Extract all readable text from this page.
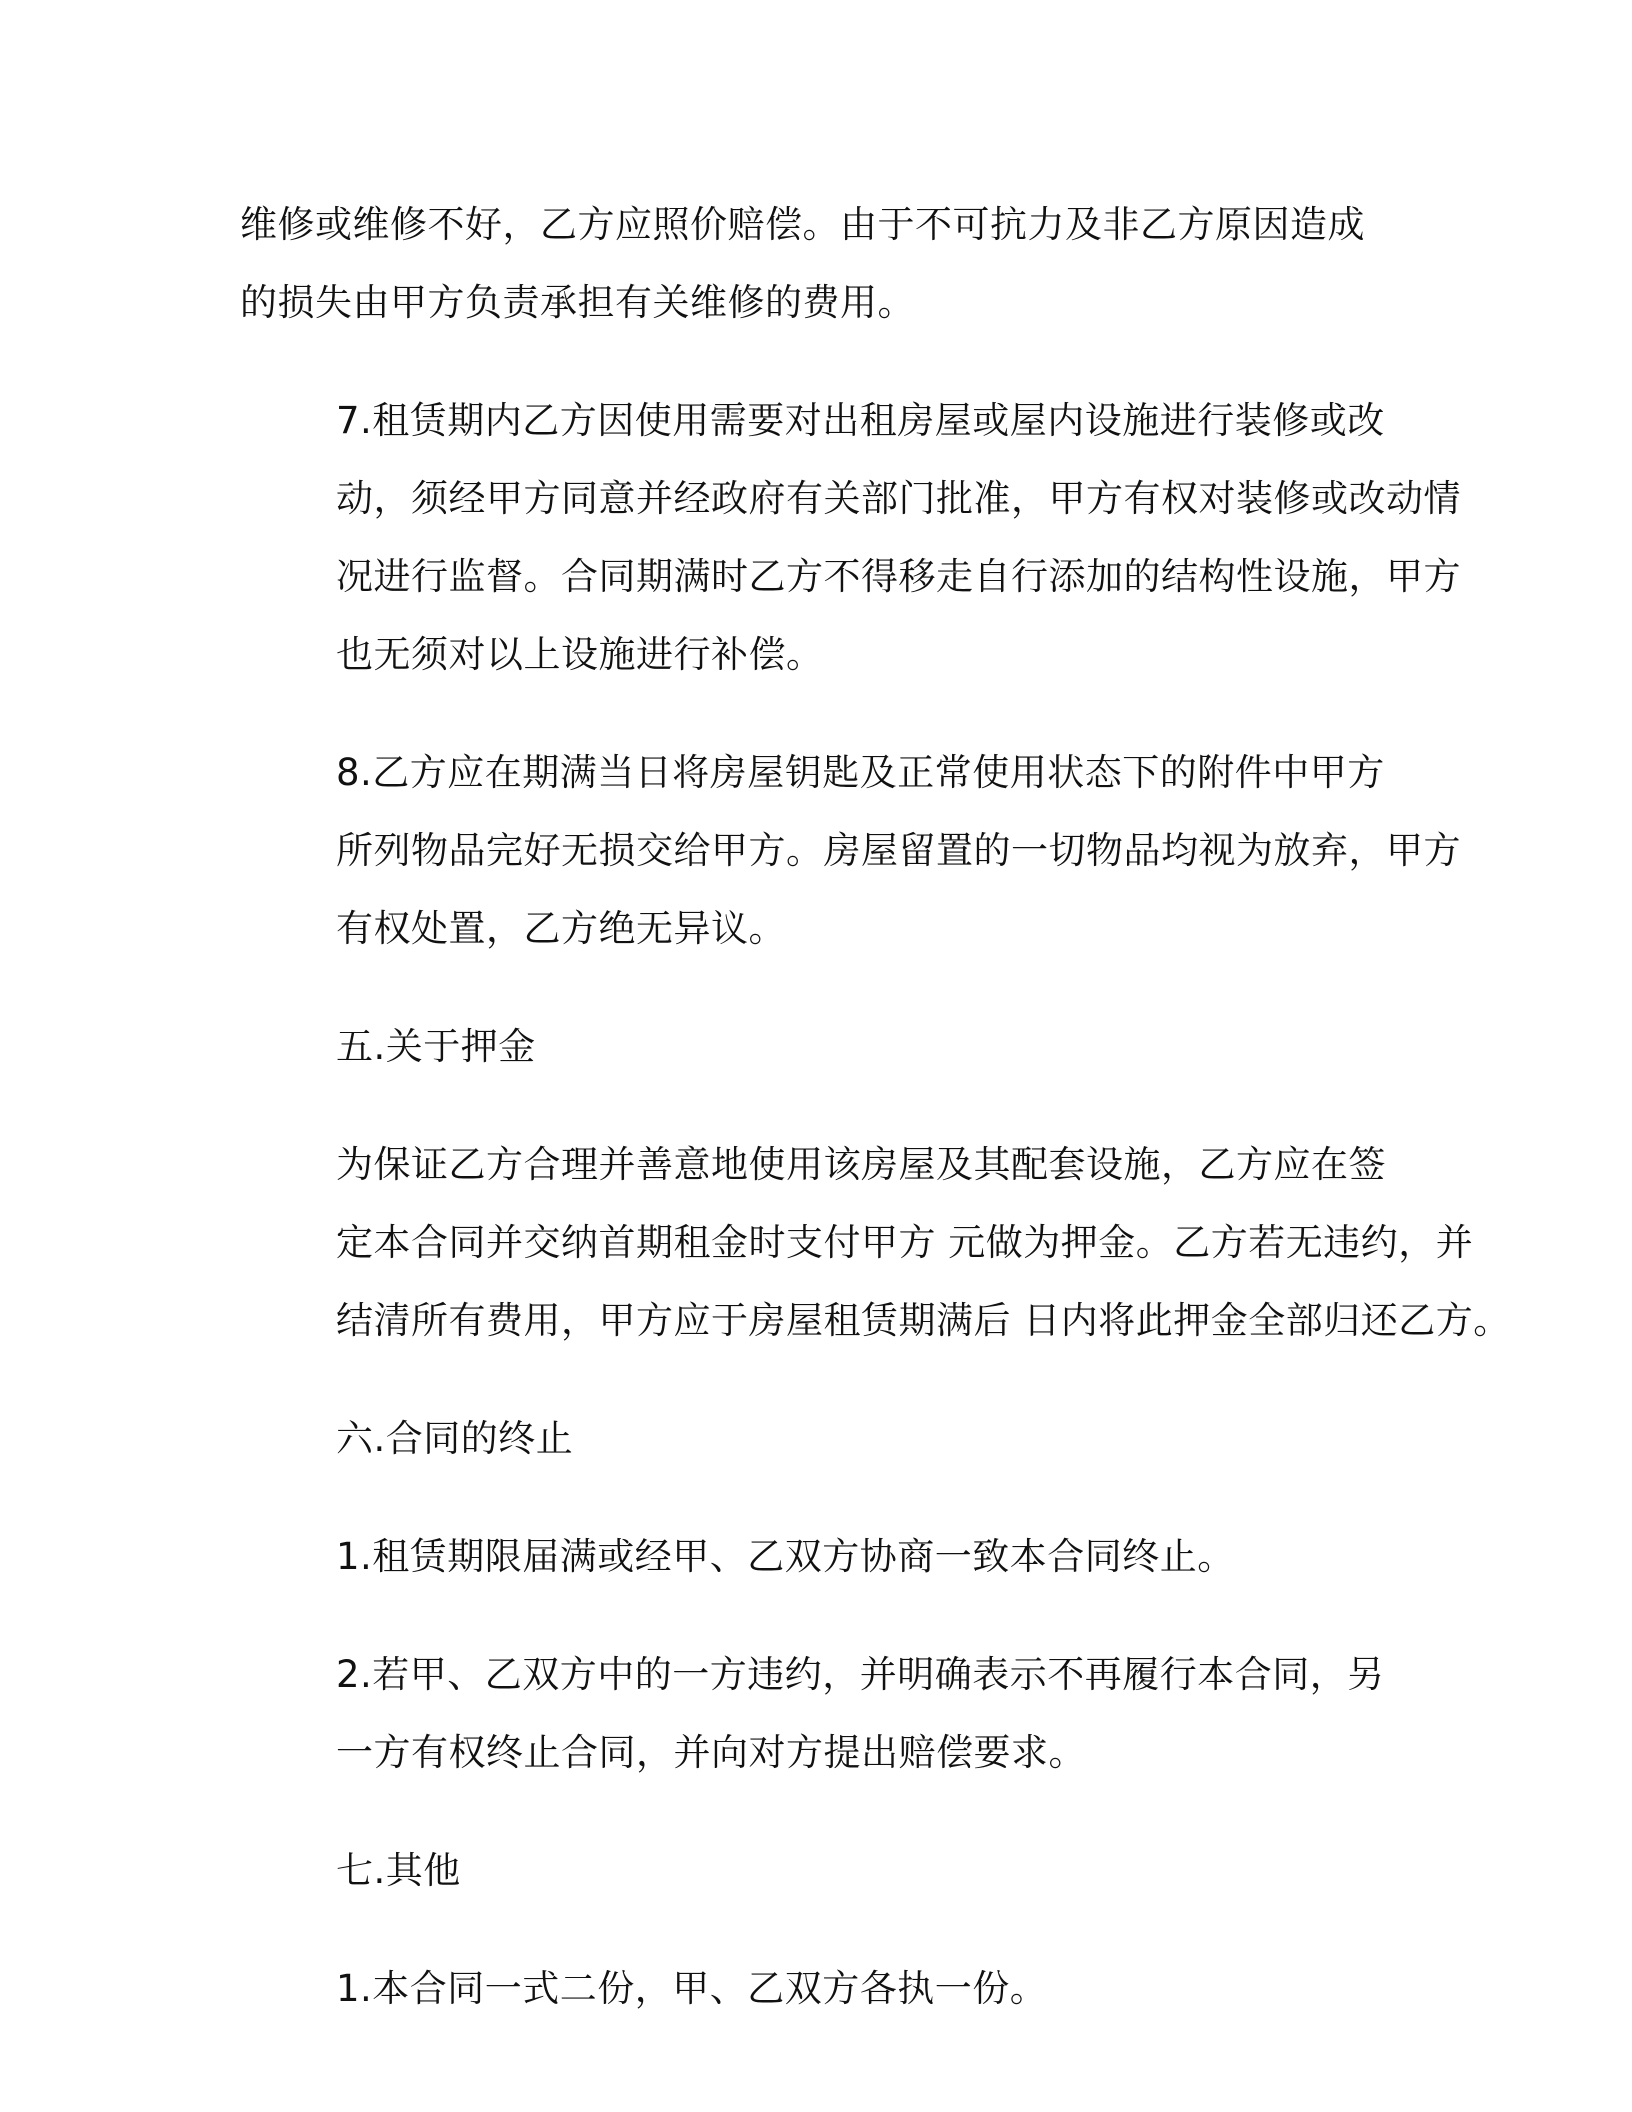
维修或维修不好，乙方应照价赔偿。由于不可抗力及非乙方原因造成
的损失由甲方负责承担有关维修的费用。

7.租赁期内乙方因使用需要对出租房屋或屋内设施进行装修或改
动，须经甲方同意并经政府有关部门批准，甲方有权对装修或改动情
况进行监督。合同期满时乙方不得移走自行添加的结构性设施，甲方
也无须对以上设施进行补偿。

8.乙方应在期满当日将房屋钥匙及正常使用状态下的附件中甲方
所列物品完好无损交给甲方。房屋留置的一切物品均视为放弃，甲方
有权处置，乙方绝无异议。

五.关于押金

为保证乙方合理并善意地使用该房屋及其配套设施，乙方应在签
定本合同并交纳首期租金时支付甲方 元做为押金。乙方若无违约，并
结清所有费用，甲方应于房屋租赁期满后 日内将此押金全部归还乙方。

六.合同的终止

1.租赁期限届满或经甲、乙双方协商一致本合同终止。

2.若甲、乙双方中的一方违约，并明确表示不再履行本合同，另
一方有权终止合同，并向对方提出赔偿要求。

七.其他

1.本合同一式二份，甲、乙双方各执一份。
